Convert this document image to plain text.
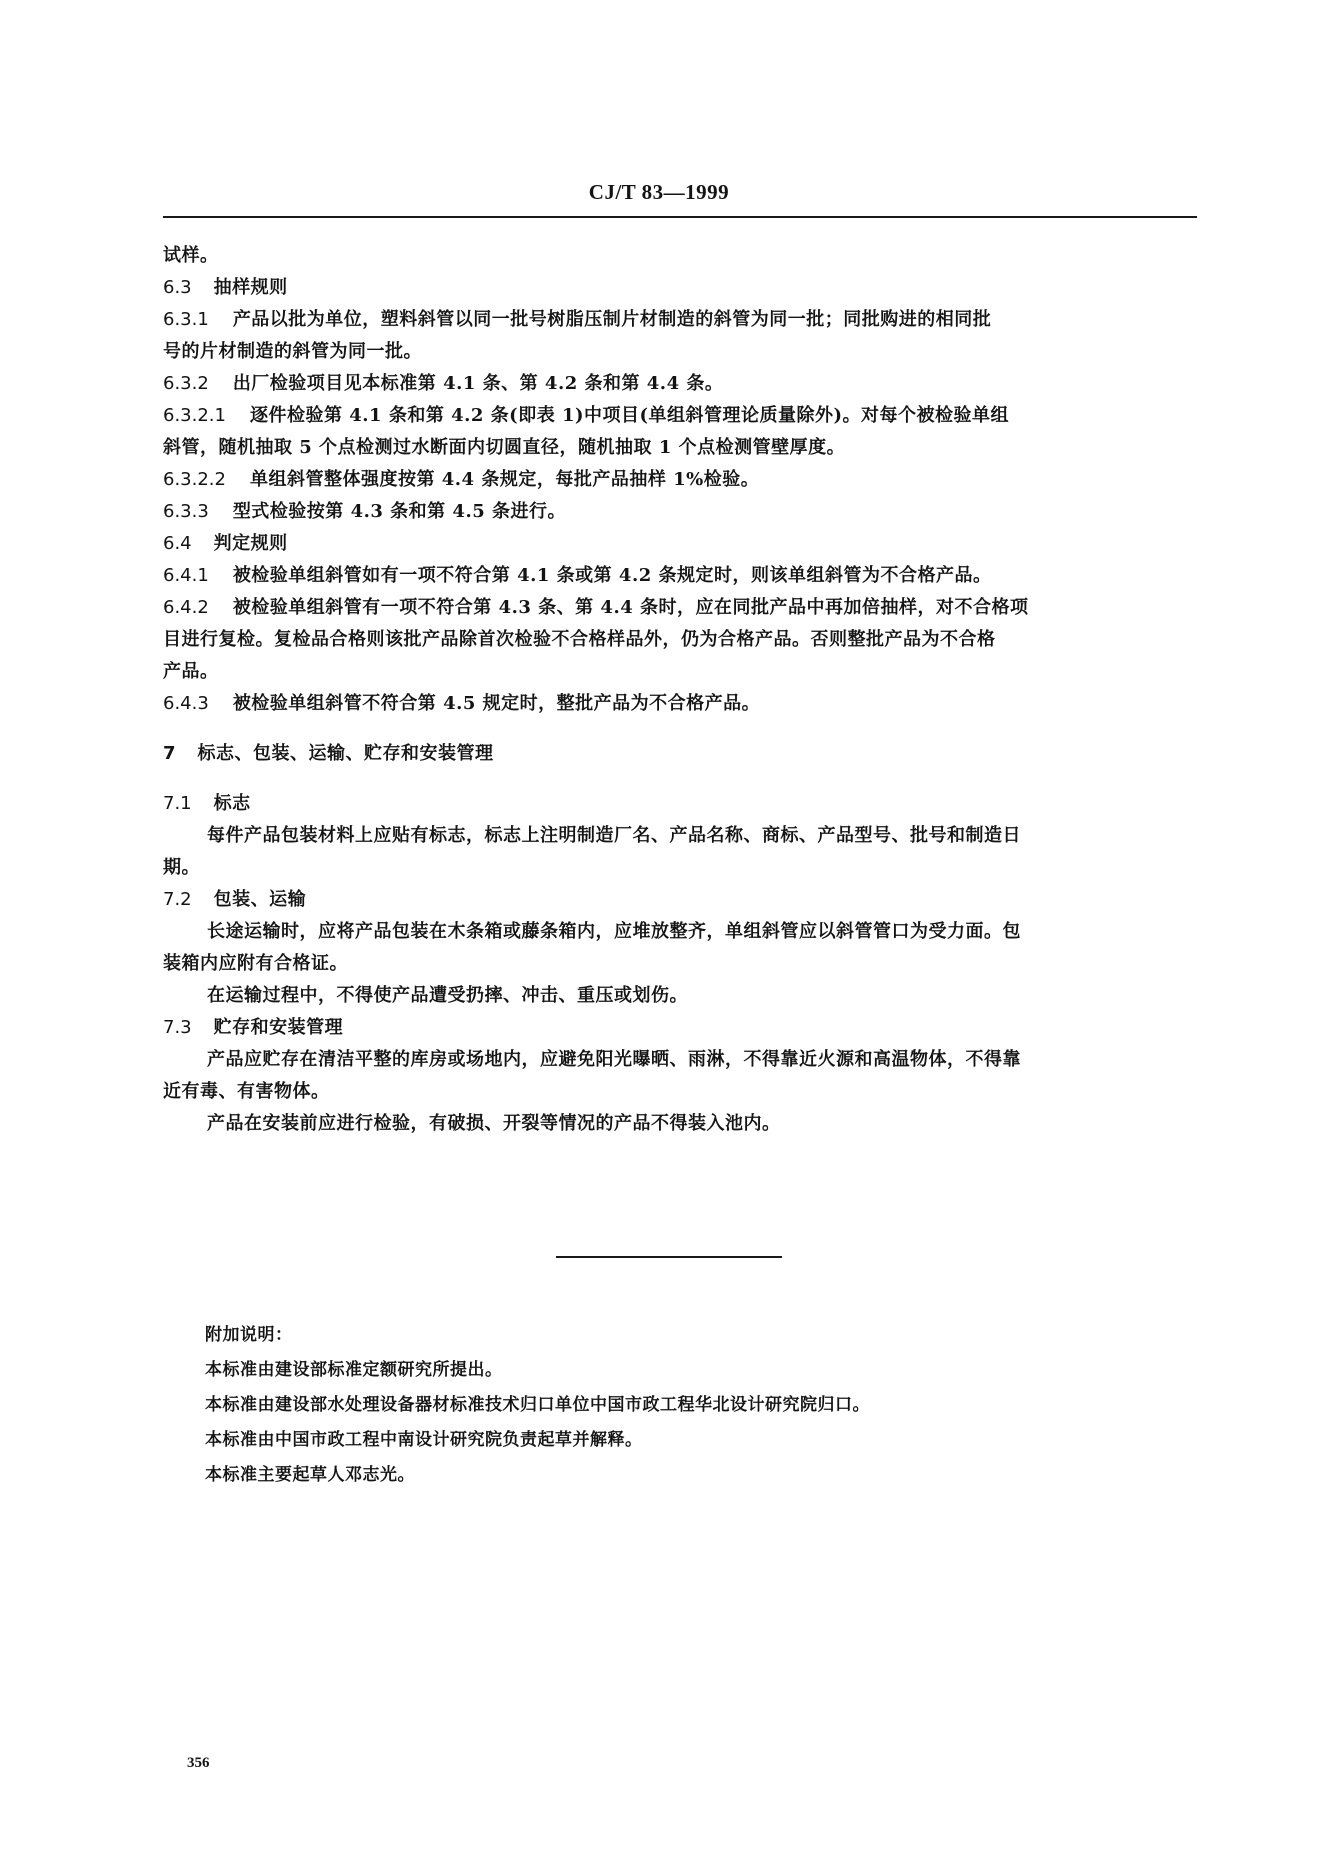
CJ/T 83—1999

试样。

6.3 抽样规则

6.3.1 产品以批为单位，塑料斜管以同一批号树脂压制片材制造的斜管为同一批；同批购进的相同批

号的片材制造的斜管为同一批。

6.3.2 出厂检验项目见本标准第 4.1 条、第 4.2 条和第 4.4 条。

6.3.2.1 逐件检验第 4.1 条和第 4.2 条(即表 1)中项目(单组斜管理论质量除外)。对每个被检验单组

斜管，随机抽取 5 个点检测过水断面内切圆直径，随机抽取 1 个点检测管壁厚度。

6.3.2.2 单组斜管整体强度按第 4.4 条规定，每批产品抽样 1%检验。

6.3.3 型式检验按第 4.3 条和第 4.5 条进行。

6.4 判定规则

6.4.1 被检验单组斜管如有一项不符合第 4.1 条或第 4.2 条规定时，则该单组斜管为不合格产品。

6.4.2 被检验单组斜管有一项不符合第 4.3 条、第 4.4 条时，应在同批产品中再加倍抽样，对不合格项

目进行复检。复检品合格则该批产品除首次检验不合格样品外，仍为合格产品。否则整批产品为不合格

产品。

6.4.3 被检验单组斜管不符合第 4.5 规定时，整批产品为不合格产品。

7 标志、包装、运输、贮存和安装管理

7.1 标志

每件产品包装材料上应贴有标志，标志上注明制造厂名、产品名称、商标、产品型号、批号和制造日

期。

7.2 包装、运输

长途运输时，应将产品包装在木条箱或藤条箱内，应堆放整齐，单组斜管应以斜管管口为受力面。包

装箱内应附有合格证。

在运输过程中，不得使产品遭受扔摔、冲击、重压或划伤。

7.3 贮存和安装管理

产品应贮存在清洁平整的库房或场地内，应避免阳光曝晒、雨淋，不得靠近火源和高温物体，不得靠

近有毒、有害物体。

产品在安装前应进行检验，有破损、开裂等情况的产品不得装入池内。

附加说明：

本标准由建设部标准定额研究所提出。

本标准由建设部水处理设备器材标准技术归口单位中国市政工程华北设计研究院归口。

本标准由中国市政工程中南设计研究院负责起草并解释。

本标准主要起草人邓志光。

356
